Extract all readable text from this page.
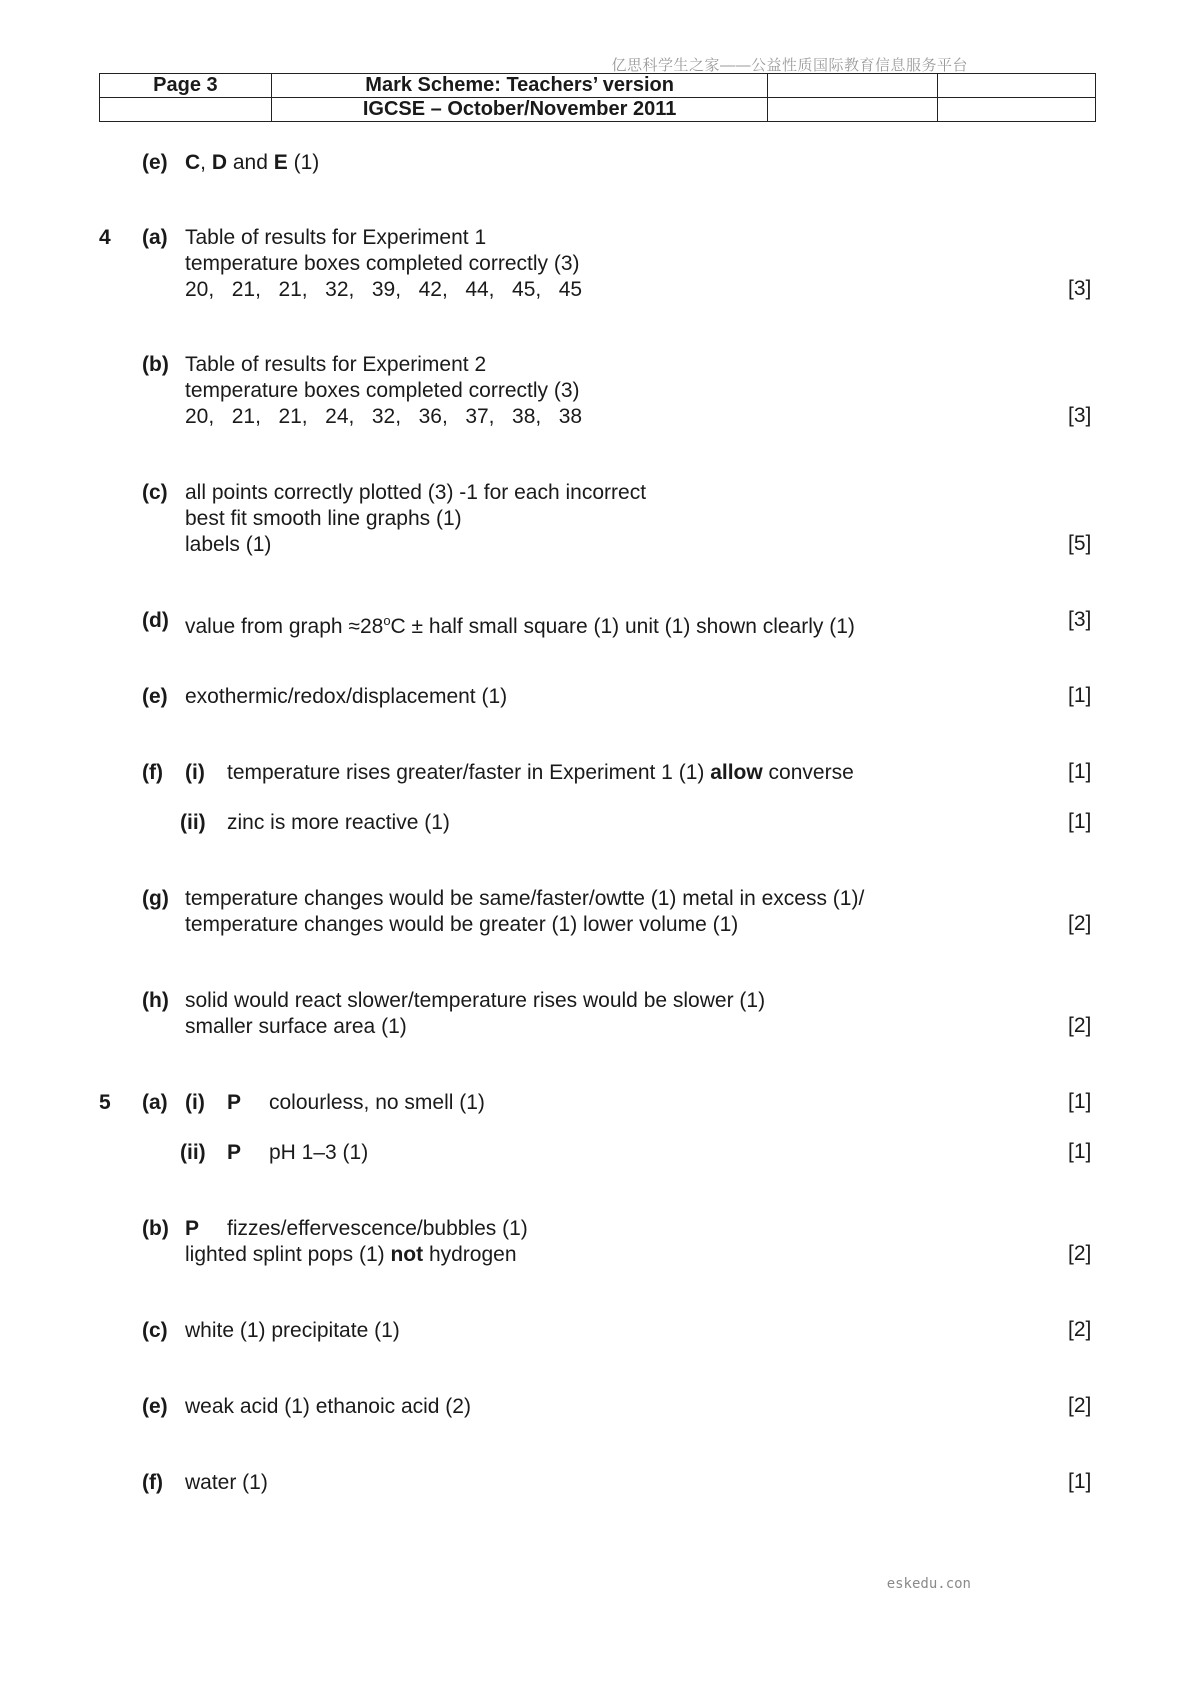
亿思科学生之家——公益性质国际教育信息服务平台
Page 3	Mark Scheme: Teachers’ version		
	IGCSE – October/November 2011		
(e) C, D and E (1)
4 (a) Table of results for Experiment 1
temperature boxes completed correctly (3)
20, 21, 21, 32, 39, 42, 44, 45, 45	[3]
(b) Table of results for Experiment 2
temperature boxes completed correctly (3)
20, 21, 21, 24, 32, 36, 37, 38, 38	[3]
(c) all points correctly plotted (3) -1 for each incorrect
best fit smooth line graphs (1)
labels (1)	[5]
(d) value from graph $\approx 28^oC$ ± half small square (1) unit (1) shown clearly (1)	[3]
(e) exothermic/redox/displacement (1)	[1]
(f) (i) temperature rises greater/faster in Experiment 1 (1) allow converse	[1]
(ii) zinc is more reactive (1)	[1]
(g) temperature changes would be same/faster/owtte (1) metal in excess (1)/
temperature changes would be greater (1) lower volume (1)	[2]
(h) solid would react slower/temperature rises would be slower (1)
smaller surface area (1)	[2]
5 (a) (i) P colourless, no smell (1)	[1]
(ii) P pH 1–3 (1)	[1]
(b) P fizzes/effervescence/bubbles (1)
lighted splint pops (1) not hydrogen	[2]
(c) white (1) precipitate (1)	[2]
(e) weak acid (1) ethanoic acid (2)	[2]
(f) water (1)	[1]
eskedu.con
